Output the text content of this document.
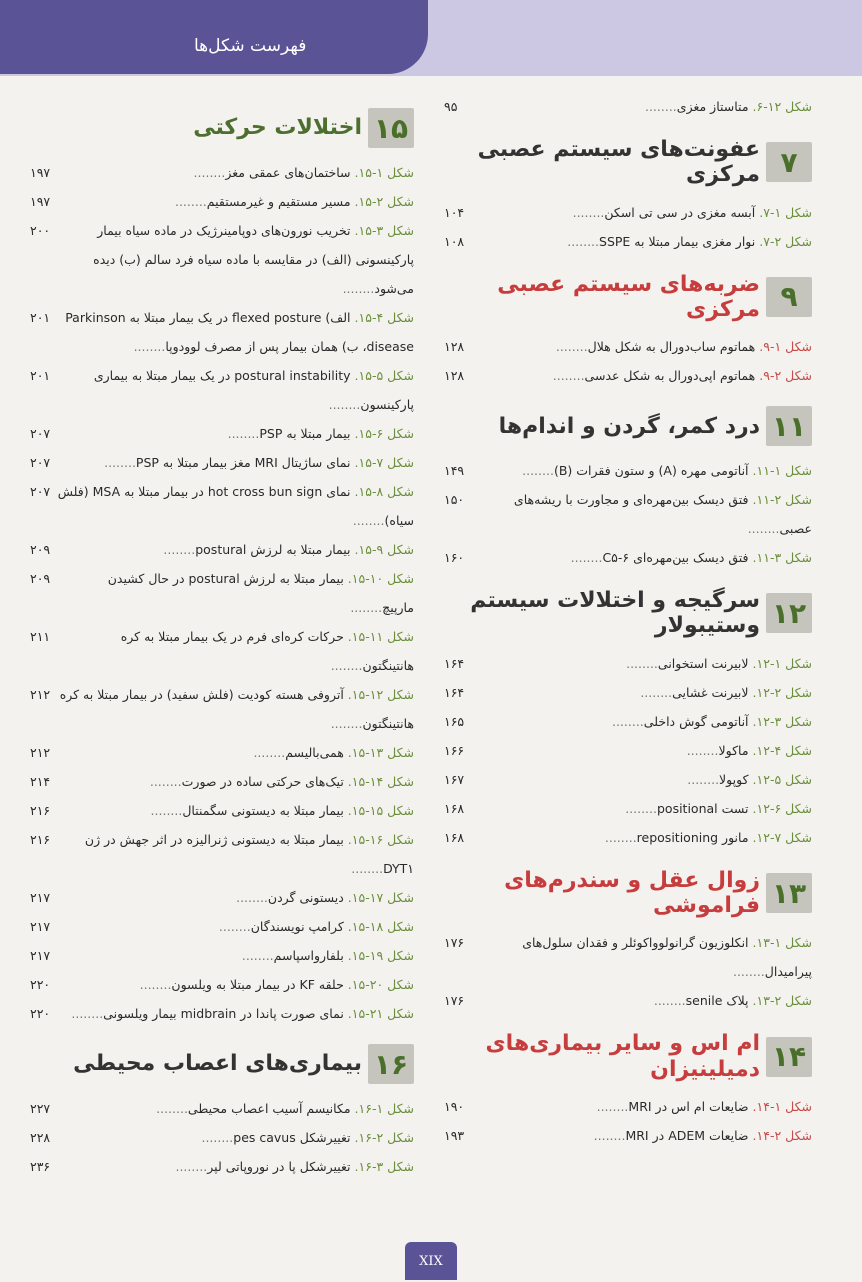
فهرست شکل‌ها
۹۵	شکل ۱۲-۶. متاستاز مغزی........
۷
عفونت‌های سیستم عصبی مرکزی
۱۰۴	شکل ۱-۷. آبسه مغزی در سی تی اسکن........
۱۰۸	شکل ۲-۷. نوار مغزی بیمار مبتلا به SSPE........
۹
ضربه‌های سیستم عصبی مرکزی
۱۲۸	شکل ۱-۹. هماتوم ساب‌دورال به شکل هلال........
۱۲۸	شکل ۲-۹. هماتوم اپی‌دورال به شکل عدسی........
۱۱
درد کمر، گردن و اندام‌ها
۱۴۹	شکل ۱-۱۱. آناتومی مهره (A) و ستون فقرات (B)........
۱۵۰	شکل ۲-۱۱. فتق دیسک بین‌مهره‌ای و مجاورت با ریشه‌های عصبی........
۱۶۰	شکل ۳-۱۱. فتق دیسک بین‌مهره‌ای C۵-۶........
۱۲
سرگیجه و اختلالات سیستم وستیبولار
۱۶۴	شکل ۱-۱۲. لابیرنت استخوانی........
۱۶۴	شکل ۲-۱۲. لابیرنت غشایی........
۱۶۵	شکل ۳-۱۲. آناتومی گوش داخلی........
۱۶۶	شکل ۴-۱۲. ماکولا........
۱۶۷	شکل ۵-۱۲. کوپولا........
۱۶۸	شکل ۶-۱۲. تست positional........
۱۶۸	شکل ۷-۱۲. مانور repositioning........
۱۳
زوال عقل و سندرم‌های فراموشی
۱۷۶	شکل ۱-۱۳. انکلوزیون گرانولوواکوئلر و فقدان سلول‌های پیرامیدال........
۱۷۶	شکل ۲-۱۳. پلاک senile........
۱۴
ام اس و سایر بیماری‌های دمیلینیزان
۱۹۰	شکل ۱-۱۴. ضایعات ام اس در MRI........
۱۹۳	شکل ۲-۱۴. ضایعات ADEM در MRI........
۱۵
اختلالات حرکتی
۱۹۷	شکل ۱-۱۵. ساختمان‌های عمقی مغز........
۱۹۷	شکل ۲-۱۵. مسیر مستقیم و غیرمستقیم........
۲۰۰	شکل ۳-۱۵. تخریب نورون‌های دوپامینرژیک در ماده سیاه بیمار پارکینسونی (الف) در مقایسه با ماده سیاه فرد سالم (ب) دیده می‌شود........
۲۰۱	شکل ۴-۱۵. الف) flexed posture در یک بیمار مبتلا به Parkinson disease، ب) همان بیمار پس از مصرف لوودوپا........
۲۰۱	شکل ۵-۱۵. postural instability در یک بیمار مبتلا به بیماری پارکینسون........
۲۰۷	شکل ۶-۱۵. بیمار مبتلا به PSP........
۲۰۷	شکل ۷-۱۵. نمای ساژیتال MRI مغز بیمار مبتلا به PSP........
۲۰۷	شکل ۸-۱۵. نمای hot cross bun sign در بیمار مبتلا به MSA (فلش سیاه)........
۲۰۹	شکل ۹-۱۵. بیمار مبتلا به لرزش postural........
۲۰۹	شکل ۱۰-۱۵. بیمار مبتلا به لرزش postural در حال کشیدن مارپیچ........
۲۱۱	شکل ۱۱-۱۵. حرکات کره‌ای فرم در یک بیمار مبتلا به کره هانتینگتون........
۲۱۲	شکل ۱۲-۱۵. آتروفی هسته کودیت (فلش سفید) در بیمار مبتلا به کره هانتینگتون........
۲۱۲	شکل ۱۳-۱۵. همی‌بالیسم........
۲۱۴	شکل ۱۴-۱۵. تیک‌های حرکتی ساده در صورت........
۲۱۶	شکل ۱۵-۱۵. بیمار مبتلا به دیستونی سگمنتال........
۲۱۶	شکل ۱۶-۱۵. بیمار مبتلا به دیستونی ژنرالیزه در اثر جهش در ژن DYT۱........
۲۱۷	شکل ۱۷-۱۵. دیستونی گردن........
۲۱۷	شکل ۱۸-۱۵. کرامپ نویسندگان........
۲۱۷	شکل ۱۹-۱۵. بلفارواسپاسم........
۲۲۰	شکل ۲۰-۱۵. حلقه KF در بیمار مبتلا به ویلسون........
۲۲۰	شکل ۲۱-۱۵. نمای صورت پاندا در midbrain بیمار ویلسونی........
۱۶
بیماری‌های اعصاب محیطی
۲۲۷	شکل ۱-۱۶. مکانیسم آسیب اعصاب محیطی........
۲۲۸	شکل ۲-۱۶. تغییرشکل pes cavus........
۲۳۶	شکل ۳-۱۶. تغییرشکل پا در نوروپاتی لپر........
XIX
